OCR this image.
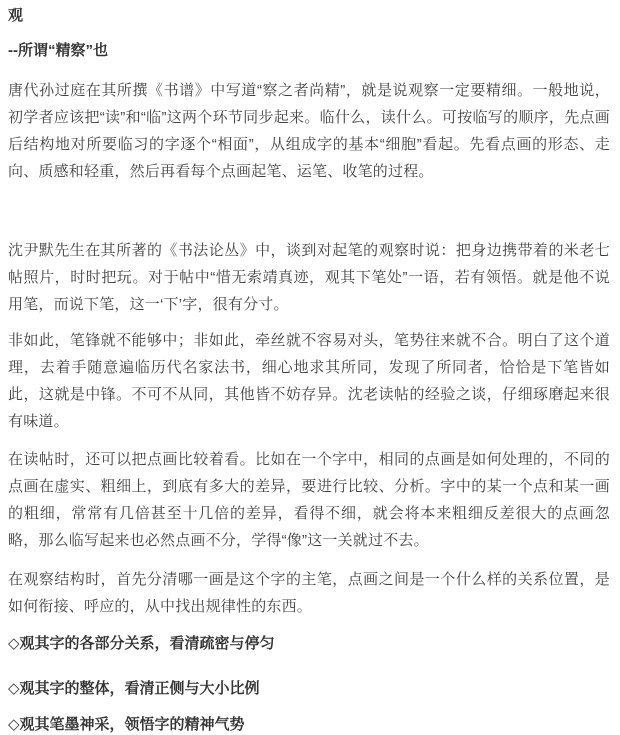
观
--所谓“精察”也

唐代孙过庭在其所撰《书谱》中写道“察之者尚精”，就是说观察一定要精细。一般地说，初学者应该把“读”和“临”这两个环节同步起来。临什么，读什么。可按临写的顺序，先点画后结构地对所要临习的字逐个“相面”，从组成字的基本“细胞”看起。先看点画的形态、走向、质感和轻重，然后再看每个点画起笔、运笔、收笔的过程。

沈尹默先生在其所著的《书法论丛》中，谈到对起笔的观察时说：把身边携带着的米老七帖照片，时时把玩。对于帖中“惜无索靖真迹，观其下笔处”一语，若有领悟。就是他不说用笔，而说下笔，这一‘下’字，很有分寸。

非如此，笔锋就不能够中；非如此，牵丝就不容易对头，笔势往来就不合。明白了这个道理，去着手随意遍临历代名家法书，细心地求其所同，发现了所同者，恰恰是下笔皆如此，这就是中锋。不可不从同，其他皆不妨存异。沈老读帖的经验之谈，仔细琢磨起来很有味道。

在读帖时，还可以把点画比较着看。比如在一个字中，相同的点画是如何处理的，不同的点画在虚实、粗细上，到底有多大的差异，要进行比较、分析。字中的某一个点和某一画的粗细，常常有几倍甚至十几倍的差异，看得不细，就会将本来粗细反差很大的点画忽略，那么临写起来也必然点画不分，学得“像”这一关就过不去。

在观察结构时，首先分清哪一画是这个字的主笔，点画之间是一个什么样的关系位置，是如何衔接、呼应的，从中找出规律性的东西。

◇观其字的各部分关系，看清疏密与停匀

◇观其字的整体，看清正侧与大小比例

◇观其笔墨神采，领悟字的精神气势
